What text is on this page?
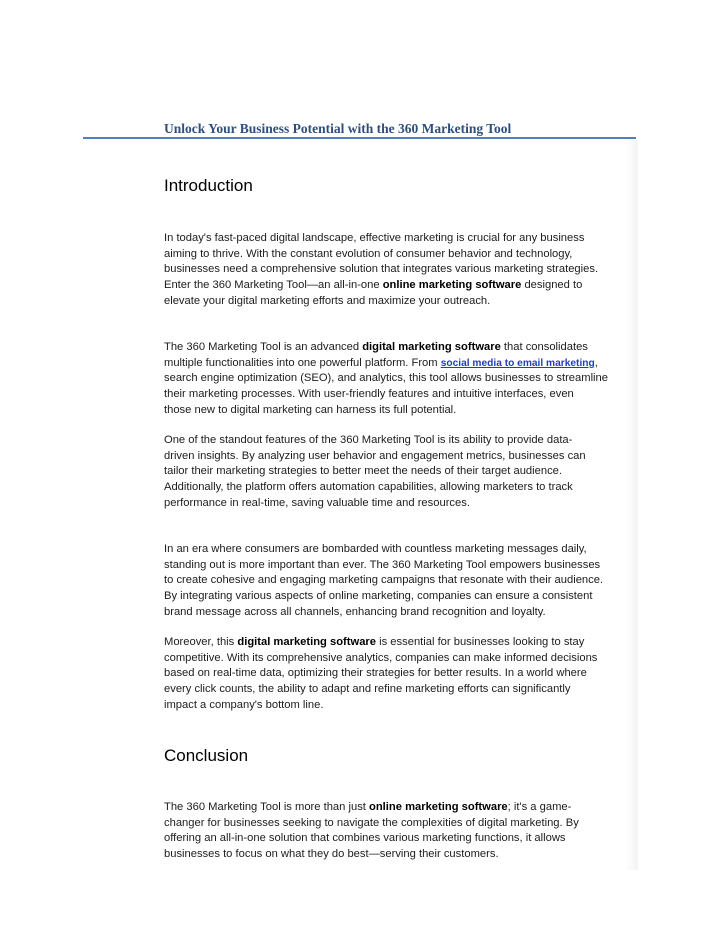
Unlock Your Business Potential with the 360 Marketing Tool
Introduction

In today's fast-paced digital landscape, effective marketing is crucial for any business
aiming to thrive. With the constant evolution of consumer behavior and technology,
businesses need a comprehensive solution that integrates various marketing strategies.
Enter the 360 Marketing Tool—an all-in-one online marketing software designed to
elevate your digital marketing efforts and maximize your outreach.

The 360 Marketing Tool is an advanced digital marketing software that consolidates
multiple functionalities into one powerful platform. From social media to email marketing,
search engine optimization (SEO), and analytics, this tool allows businesses to streamline
their marketing processes. With user-friendly features and intuitive interfaces, even
those new to digital marketing can harness its full potential.

One of the standout features of the 360 Marketing Tool is its ability to provide data-
driven insights. By analyzing user behavior and engagement metrics, businesses can
tailor their marketing strategies to better meet the needs of their target audience.
Additionally, the platform offers automation capabilities, allowing marketers to track
performance in real-time, saving valuable time and resources.

In an era where consumers are bombarded with countless marketing messages daily,
standing out is more important than ever. The 360 Marketing Tool empowers businesses
to create cohesive and engaging marketing campaigns that resonate with their audience.
By integrating various aspects of online marketing, companies can ensure a consistent
brand message across all channels, enhancing brand recognition and loyalty.

Moreover, this digital marketing software is essential for businesses looking to stay
competitive. With its comprehensive analytics, companies can make informed decisions
based on real-time data, optimizing their strategies for better results. In a world where
every click counts, the ability to adapt and refine marketing efforts can significantly
impact a company's bottom line.

Conclusion

The 360 Marketing Tool is more than just online marketing software; it's a game-
changer for businesses seeking to navigate the complexities of digital marketing. By
offering an all-in-one solution that combines various marketing functions, it allows
businesses to focus on what they do best—serving their customers.
